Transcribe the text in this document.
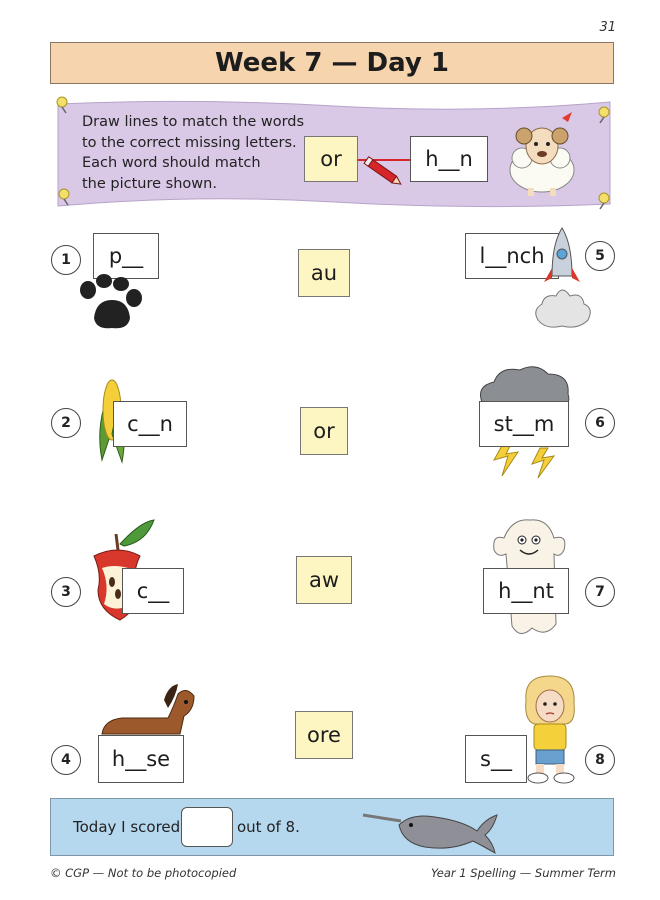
31
Week 7 — Day 1
Draw lines to match the words
to the correct missing letters.
Each word should match
the picture shown.
or	h__n
1	p__
2	c__n
3	c__
4	h__se
au
or
aw
ore
l__nch	5
st__m	6
h__nt	7
s__	8
Today I scored	out of 8.
© CGP — Not to be photocopied	Year 1 Spelling — Summer Term
